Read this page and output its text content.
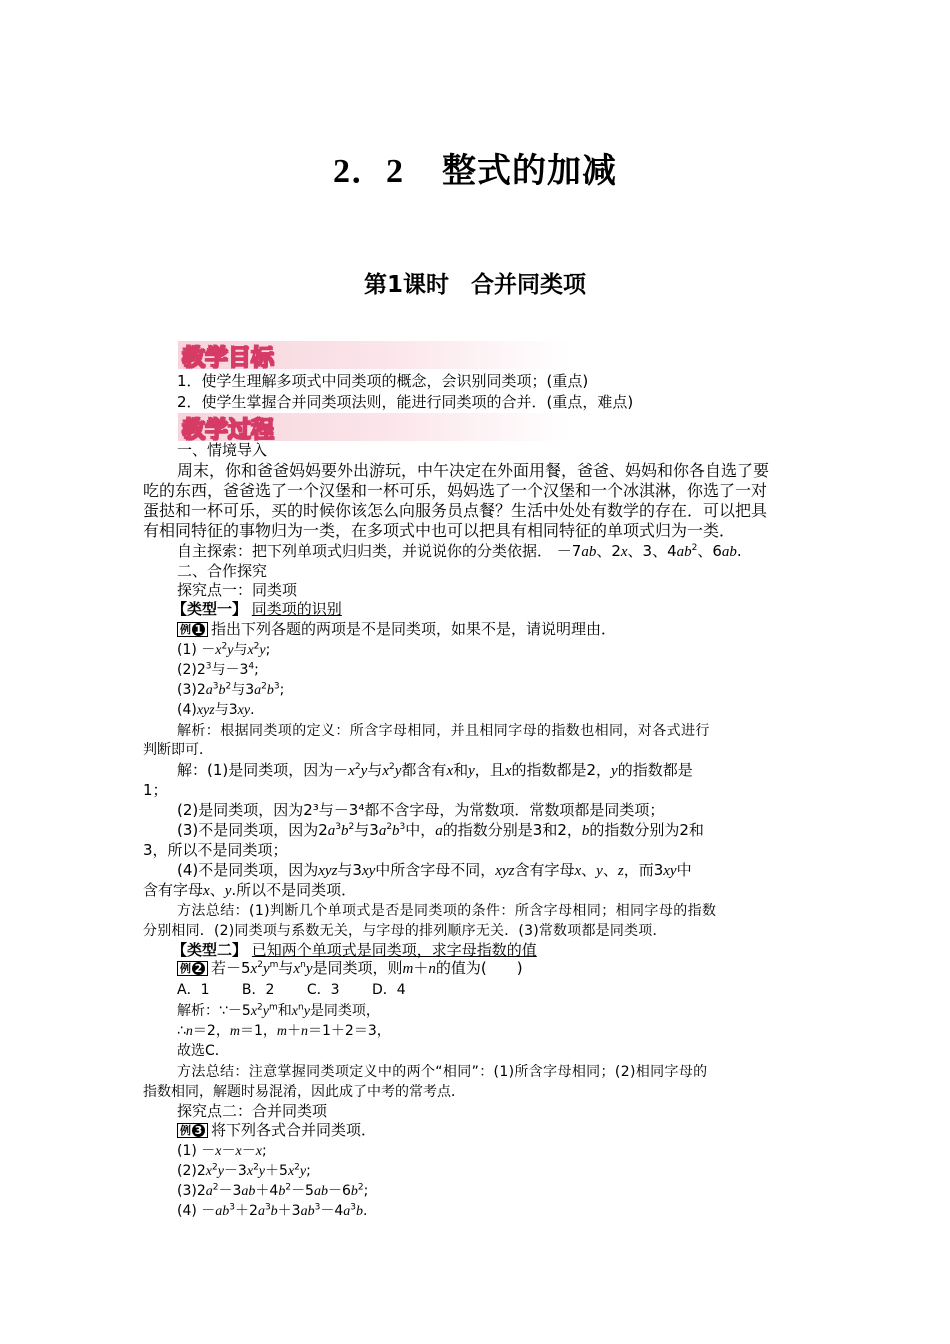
2．2 整式的加减
第1课时 合并同类项
教学目标
1．使学生理解多项式中同类项的概念，会识别同类项；(重点)
2．使学生掌握合并同类项法则，能进行同类项的合并．(重点，难点)
教学过程
一、情境导入
周末，你和爸爸妈妈要外出游玩，中午决定在外面用餐，爸爸、妈妈和你各自选了要
吃的东西，爸爸选了一个汉堡和一杯可乐，妈妈选了一个汉堡和一个冰淇淋，你选了一对
蛋挞和一杯可乐，买的时候你该怎么向服务员点餐？生活中处处有数学的存在．可以把具
有相同特征的事物归为一类，在多项式中也可以把具有相同特征的单项式归为一类．
自主探索：把下列单项式归归类，并说说你的分类依据． －7ab、2x、3、$4ab^2$、6ab.
二、合作探究
探究点一：同类项
【类型一】 同类项的识别
例 1 指出下列各题的两项是不是同类项，如果不是，请说明理由．
$(1) -x^2y$与$x^2y$;
$(2)2^3$与$-3^4$;
$(3)2a^3b^2$与$3a^2b^3$;
(4)xyz与3xy.
解析：根据同类项的定义：所含字母相同，并且相同字母的指数也相同，对各式进行
判断即可．
解：(1)是同类项，因为$-x^2y$与$x^2y$都含有x和y，且x的指数都是2，y的指数都是
1；
(2)是同类项，因为2³与－3⁴都不含字母，为常数项．常数项都是同类项；
(3)不是同类项，因为$2a^3b^2$与$3a^2b^3$中，a的指数分别是3和2，b的指数分别为2和
3，所以不是同类项；
(4)不是同类项，因为xyz与3xy中所含字母不同，xyz含有字母x、y、z，而3xy中
含有字母x、y.所以不是同类项．
方法总结：(1)判断几个单项式是否是同类项的条件：所含字母相同；相同字母的指数
分别相同．(2)同类项与系数无关，与字母的排列顺序无关．(3)常数项都是同类项．
【类型二】 已知两个单项式是同类项，求字母指数的值
例 2 若$-5x^2y^m$与$x^ny$是同类项，则m＋n的值为(　　)
A．1　　 B．2　　 C．3　　 D．4
解析：$\because-5x^2y^m$和$x^ny$是同类项，
∴n＝2，m＝1，m＋n＝1＋2＝3，
故选C．
方法总结：注意掌握同类项定义中的两个“相同”：(1)所含字母相同；(2)相同字母的
指数相同，解题时易混淆，因此成了中考的常考点．
探究点二：合并同类项
例 3 将下列各式合并同类项．
(1) －x－x－x;
$(2)2x^2y-3x^2y+5x^2y$;
$(3)2a^2-3ab+4b^2-5ab-6b^2$;
$(4) -ab^3+2a^3b+3ab^3-4a^3b$.
